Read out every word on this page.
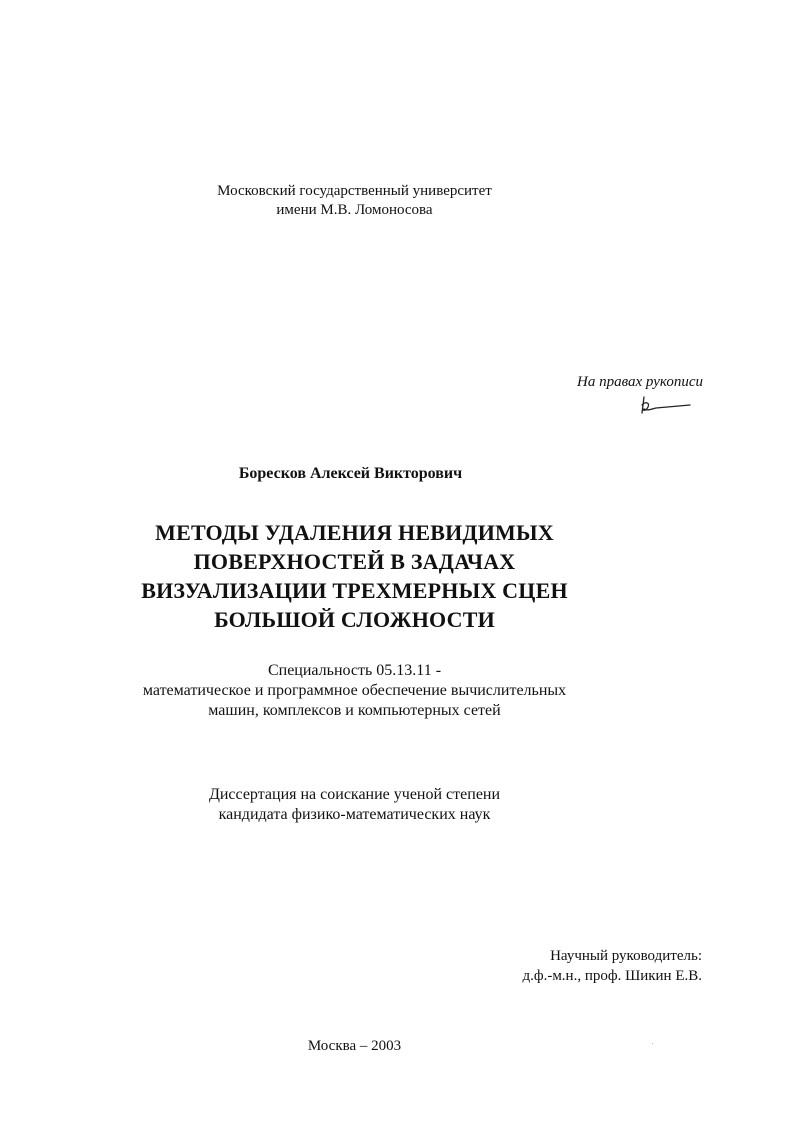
Московский государственный университет
имени М.В. Ломоносова
На правах рукописи
Боресков Алексей Викторович
МЕТОДЫ УДАЛЕНИЯ НЕВИДИМЫХ
ПОВЕРХНОСТЕЙ В ЗАДАЧАХ
ВИЗУАЛИЗАЦИИ ТРЕХМЕРНЫХ СЦЕН
БОЛЬШОЙ СЛОЖНОСТИ
Специальность 05.13.11 -
математическое и программное обеспечение вычислительных
машин, комплексов и компьютерных сетей
Диссертация на соискание ученой степени
кандидата физико-математических наук
Научный руководитель:
д.ф.-м.н., проф. Шикин Е.В.
Москва – 2003
